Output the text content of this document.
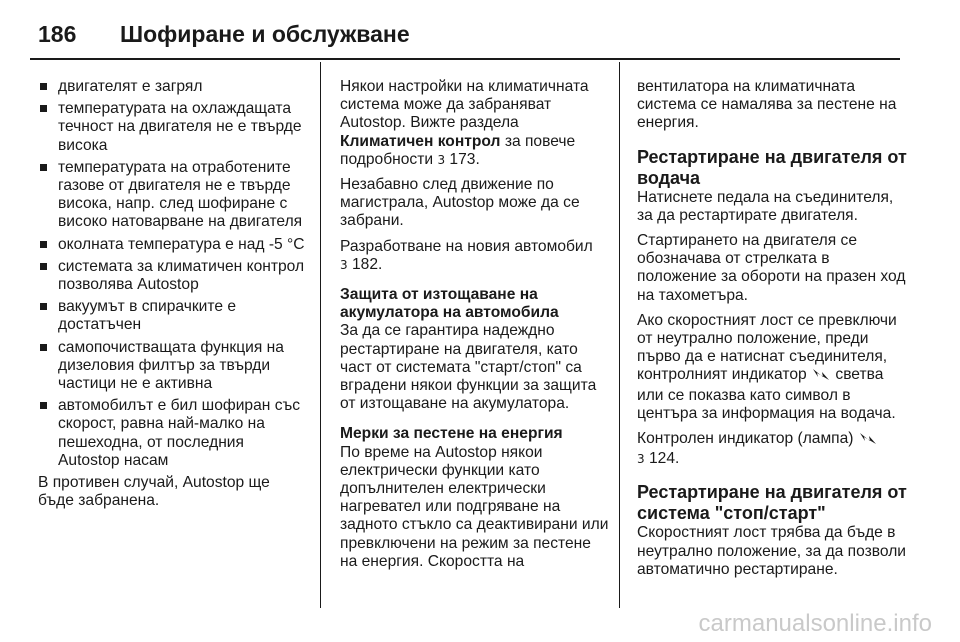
186	Шофиране и обслужване
двигателят е загрял
температурата на охлаждащата течност на двигателя не е твърде висока
температурата на отработените газове от двигателя не е твърде висока, напр. след шофиране с високо натоварване на двигателя
околната температура е над -5 °C
системата за климатичен контрол позволява Autostop
вакуумът в спирачките е достатъчен
самопочистващата функция на дизеловия филтър за твърди частици не е активна
автомобилът е бил шофиран със скорост, равна най-малко на пешеходна, от последния Autostop насам

В противен случай, Autostop ще бъде забранена.

Някои настройки на климатичната система може да забраняват Autostop. Вижте раздела Климатичен контрол за повече подробности 3 173.

Незабавно след движение по магистрала, Autostop може да се забрани.

Разработване на новия автомобил
3 182.

Защита от изтощаване на акумулатора на автомобила

За да се гарантира надеждно рестартиране на двигателя, като част от системата "старт/стоп" са вградени някои функции за защита от изтощаване на акумулатора.

Мерки за пестене на енергия

По време на Autostop някои електрически функции като допълнителен електрически нагревател или подгряване на задното стъкло са деактивирани или превключени на режим за пестене на енергия. Скоростта на

вентилатора на климатичната система се намалява за пестене на енергия.

Рестартиране на двигателя от водача

Натиснете педала на съединителя, за да рестартирате двигателя.

Стартирането на двигателя се обозначава от стрелката в положение за обороти на празен ход на тахометъра.

Ако скоростният лост се превключи от неутрално положение, преди първо да е натиснат съединителя, контролният индикатор светва или се показва като символ в центъра за информация на водача.

Контролен индикатор (лампа)
3 124.

Рестартиране на двигателя от система "стоп/старт"

Скоростният лост трябва да бъде в неутрално положение, за да позволи автоматично рестартиране.

carmanualsonline.info
